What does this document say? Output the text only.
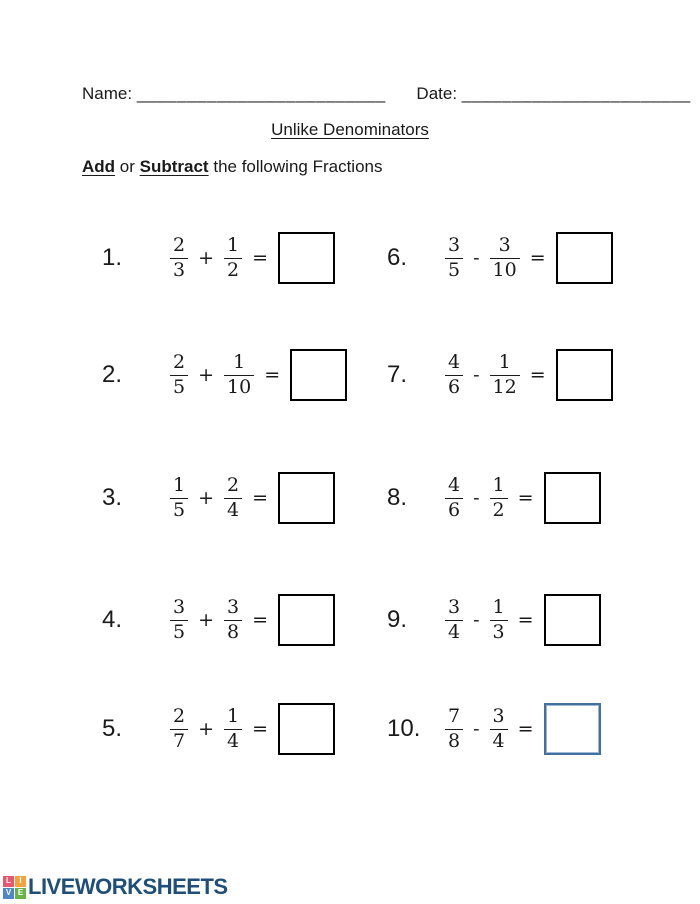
Name: _________________________ Date: _______________________
Unlike Denominators
Add or Subtract the following Fractions
1.	$\frac{2}{3} + \frac{1}{2}$ =	6.	$\frac{3}{5} - \frac{3}{10}$ =
2.	$\frac{2}{5} + \frac{1}{10}$ =	7.	$\frac{4}{6} - \frac{1}{12}$ =
3.	$\frac{1}{5} + \frac{2}{4}$ =	8.	$\frac{4}{6} - \frac{1}{2}$ =
4.	$\frac{3}{5} + \frac{3}{8}$ =	9.	$\frac{3}{4} - \frac{1}{3}$ =
5.	$\frac{2}{7} + \frac{1}{4}$ =	10.	$\frac{7}{8} - \frac{3}{4}$ =
L	I
V E LIVEWORKSHEETS
